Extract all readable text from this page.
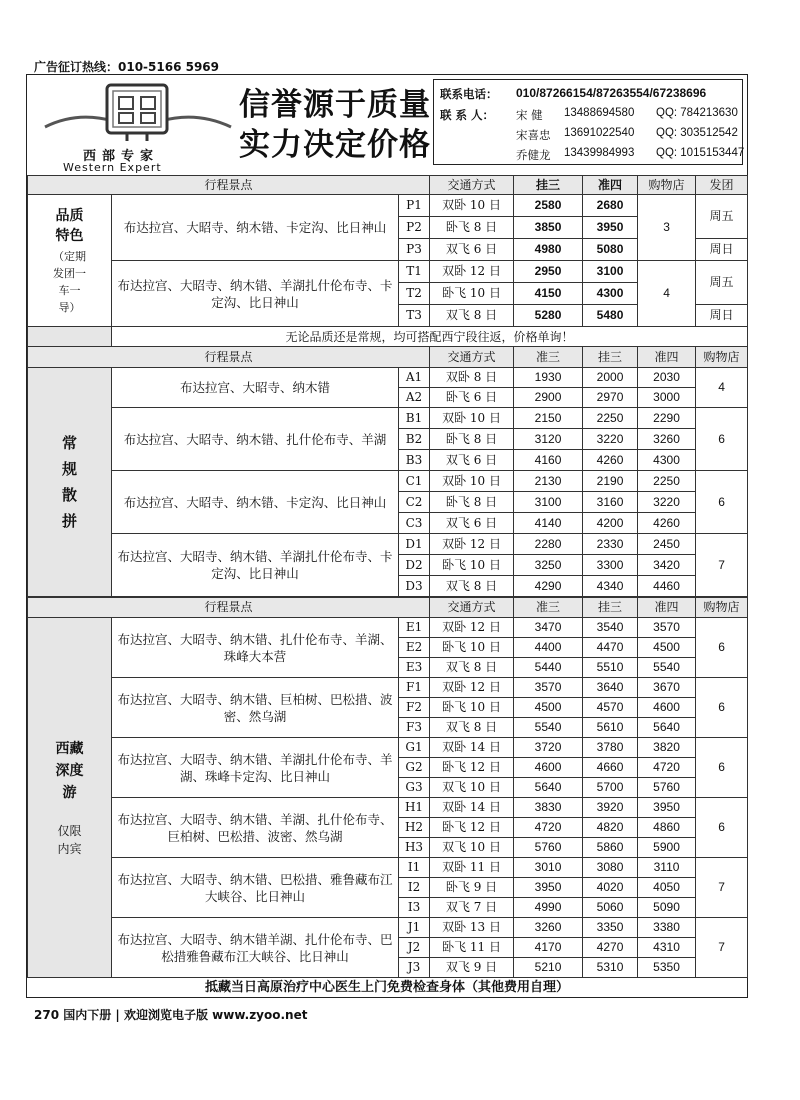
广告征订热线：010-5166 5969
西部专家
Western Expert
信誉源于质量
实力决定价格
联系电话： 010/87266154/87263554/67238696
联 系 人： 宋 健 13488694580 QQ: 784213630
宋喜忠 13691022540 QQ: 303512542
乔健龙 13439984993 QQ: 1015153447
行程景点			交通方式	挂三	准四	购物店	发团

品质特色
（定期发团一车一导）	布达拉宫、大昭寺、纳木错、卡定沟、比日神山	P1	双卧 10 日	2580	2680	3	周五
		P2	卧飞 8 日	3850	3950		
		P3	双飞 6 日	4980	5080		周日
	布达拉宫、大昭寺、纳木错、羊湖扎什伦布寺、卡定沟、比日神山	T1	双卧 12 日	2950	3100	4	周五
		T2	卧飞 10 日	4150	4300		
		T3	双飞 8 日	5280	5480		周日
	无论品质还是常规，均可搭配西宁段往返，价格单询！						
行程景点			交通方式	准三	挂三	准四	购物店

常规散拼	布达拉宫、大昭寺、纳木错	A1	双卧 8 日	1930	2000	2030	4
		A2	卧飞 6 日	2900	2970	3000	
	布达拉宫、大昭寺、纳木错、扎什伦布寺、羊湖	B1	双卧 10 日	2150	2250	2290	6
		B2	卧飞 8 日	3120	3220	3260	
		B3	双飞 6 日	4160	4260	4300	
	布达拉宫、大昭寺、纳木错、卡定沟、比日神山	C1	双卧 10 日	2130	2190	2250	6
		C2	卧飞 8 日	3100	3160	3220	
		C3	双飞 6 日	4140	4200	4260	
	布达拉宫、大昭寺、纳木错、羊湖扎什伦布寺、卡定沟、比日神山	D1	双卧 12 日	2280	2330	2450	7
		D2	卧飞 10 日	3250	3300	3420	
		D3	双飞 8 日	4290	4340	4460	
行程景点			交通方式	准三	挂三	准四	购物店

西藏深度游
仅限内宾	布达拉宫、大昭寺、纳木错、扎什伦布寺、羊湖、珠峰大本营	E1	双卧 12 日	3470	3540	3570	6
		E2	卧飞 10 日	4400	4470	4500	
		E3	双飞 8 日	5440	5510	5540	
	布达拉宫、大昭寺、纳木错、巨柏树、巴松措、波密、然乌湖	F1	双卧 12 日	3570	3640	3670	6
		F2	卧飞 10 日	4500	4570	4600	
		F3	双飞 8 日	5540	5610	5640	
	布达拉宫、大昭寺、纳木错、羊湖扎什伦布寺、羊湖、珠峰卡定沟、比日神山	G1	双卧 14 日	3720	3780	3820	6
		G2	卧飞 12 日	4600	4660	4720	
		G3	双飞 10 日	5640	5700	5760	
	布达拉宫、大昭寺、纳木错、羊湖、扎什伦布寺、巨柏树、巴松措、波密、然乌湖	H1	双卧 14 日	3830	3920	3950	6
		H2	卧飞 12 日	4720	4820	4860	
		H3	双飞 10 日	5760	5860	5900	
	布达拉宫、大昭寺、纳木错、巴松措、雅鲁藏布江大峡谷、比日神山	I1	双卧 11 日	3010	3080	3110	7
		I2	卧飞 9 日	3950	4020	4050	
		I3	双飞 7 日	4990	5060	5090	
	布达拉宫、大昭寺、纳木错羊湖、扎什伦布寺、巴松措雅鲁藏布江大峡谷、比日神山	J1	双卧 13 日	3260	3350	3380	7
		J2	卧飞 11 日	4170	4270	4310	
		J3	双飞 9 日	5210	5310	5350	
抵藏当日高原治疗中心医生上门免费检查身体（其他费用自理）
270 国内下册 | 欢迎浏览电子版 www.zyoo.net
